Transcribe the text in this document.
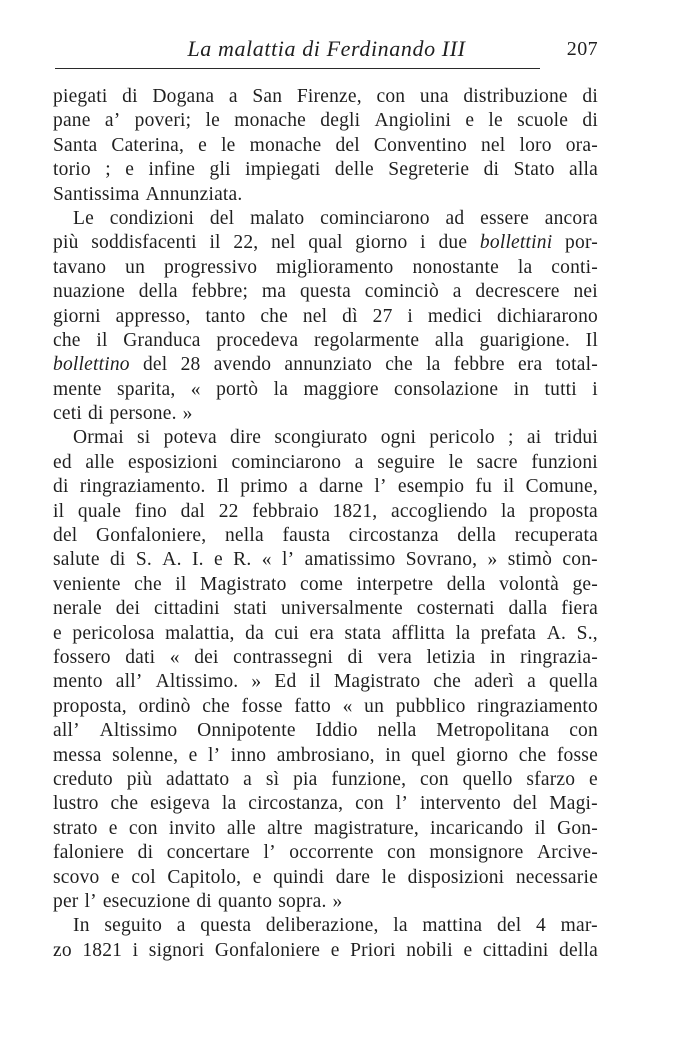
La malattia di Ferdinando III	207
piegati di Dogana a San Firenze, con una distribuzione di
pane a’ poveri; le monache degli Angiolini e le scuole di
Santa Caterina, e le monache del Conventino nel loro ora-
torio ; e infine gli impiegati delle Segreterie di Stato alla
Santissima Annunziata.
Le condizioni del malato cominciarono ad essere ancora
più soddisfacenti il 22, nel qual giorno i due bollettini por-
tavano un progressivo miglioramento nonostante la conti-
nuazione della febbre; ma questa cominciò a decrescere nei
giorni appresso, tanto che nel dì 27 i medici dichiararono
che il Granduca procedeva regolarmente alla guarigione. Il
bollettino del 28 avendo annunziato che la febbre era total-
mente sparita, « portò la maggiore consolazione in tutti i
ceti di persone. »
Ormai si poteva dire scongiurato ogni pericolo ; ai tridui
ed alle esposizioni cominciarono a seguire le sacre funzioni
di ringraziamento. Il primo a darne l’ esempio fu il Comune,
il quale fino dal 22 febbraio 1821, accogliendo la proposta
del Gonfaloniere, nella fausta circostanza della recuperata
salute di S. A. I. e R. « l’ amatissimo Sovrano, » stimò con-
veniente che il Magistrato come interpetre della volontà ge-
nerale dei cittadini stati universalmente costernati dalla fiera
e pericolosa malattia, da cui era stata afflitta la prefata A. S.,
fossero dati « dei contrassegni di vera letizia in ringrazia-
mento all’ Altissimo. » Ed il Magistrato che aderì a quella
proposta, ordinò che fosse fatto « un pubblico ringraziamento
all’ Altissimo Onnipotente Iddio nella Metropolitana con
messa solenne, e l’ inno ambrosiano, in quel giorno che fosse
creduto più adattato a sì pia funzione, con quello sfarzo e
lustro che esigeva la circostanza, con l’ intervento del Magi-
strato e con invito alle altre magistrature, incaricando il Gon-
faloniere di concertare l’ occorrente con monsignore Arcive-
scovo e col Capitolo, e quindi dare le disposizioni necessarie
per l’ esecuzione di quanto sopra. »
In seguito a questa deliberazione, la mattina del 4 mar-
zo 1821 i signori Gonfaloniere e Priori nobili e cittadini della
